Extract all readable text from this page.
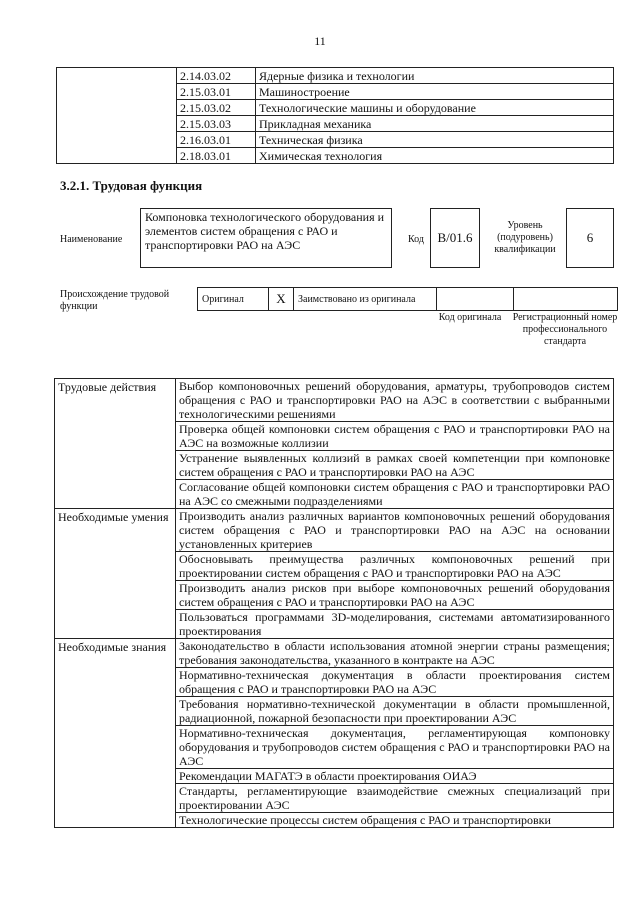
11
	2.14.03.02	Ядерные физика и технологии
	2.15.03.01	Машиностроение
	2.15.03.02	Технологические машины и оборудование
	2.15.03.03	Прикладная механика
	2.16.03.01	Техническая физика
	2.18.03.01	Химическая технология
3.2.1. Трудовая функция
Наименование
Компоновка технологического оборудования и элементов систем обращения с РАО и транспортировки РАО на АЭС	Код	B/01.6
Уровень (подуровень) квалификации
6
Происхождение трудовой функции
Оригинал	X	Заимствовано из оригинала		
Код оригинала	Регистрационный номер профессионального стандарта
Трудовые действия	Выбор компоновочных решений оборудования, арматуры, трубопроводов систем обращения с РАО и транспортировки РАО на АЭС в соответствии с выбранными технологическими решениями
	Проверка общей компоновки систем обращения с РАО и транспортировки РАО на АЭС на возможные коллизии
	Устранение выявленных коллизий в рамках своей компетенции при компоновке систем обращения с РАО и транспортировки РАО на АЭС
	Согласование общей компоновки систем обращения с РАО и транспортировки РАО на АЭС со смежными подразделениями
Необходимые умения	Производить анализ различных вариантов компоновочных решений оборудования систем обращения с РАО и транспортировки РАО на АЭС на основании установленных критериев
	Обосновывать преимущества различных компоновочных решений при проектировании систем обращения с РАО и транспортировки РАО на АЭС
	Производить анализ рисков при выборе компоновочных решений оборудования систем обращения с РАО и транспортировки РАО на АЭС
	Пользоваться программами 3D-моделирования, системами автоматизированного проектирования
Необходимые знания	Законодательство в области использования атомной энергии страны размещения; требования законодательства, указанного в контракте на АЭС
	Нормативно-техническая документация в области проектирования систем обращения с РАО и транспортировки РАО на АЭС
	Требования нормативно-технической документации в области промышленной, радиационной, пожарной безопасности при проектировании АЭС
	Нормативно-техническая документация, регламентирующая компоновку оборудования и трубопроводов систем обращения с РАО и транспортировки РАО на АЭС
	Рекомендации МАГАТЭ в области проектирования ОИАЭ
	Стандарты, регламентирующие взаимодействие смежных специализаций при проектировании АЭС
	Технологические процессы систем обращения с РАО и транспортировки
